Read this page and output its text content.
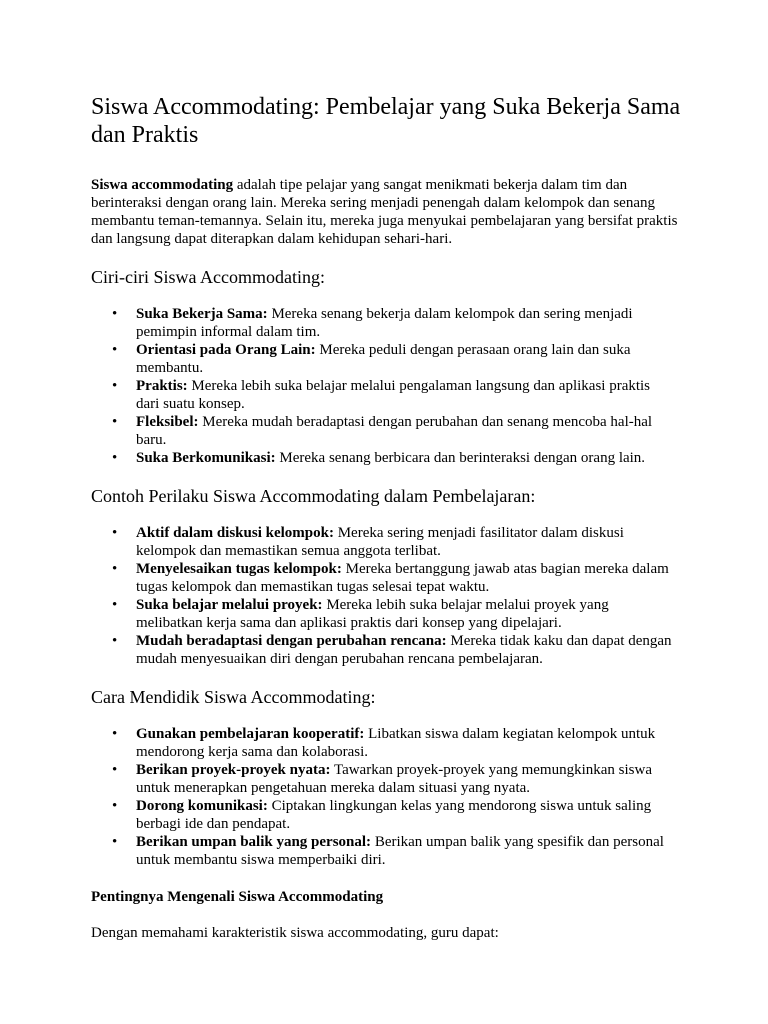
Siswa Accommodating: Pembelajar yang Suka Bekerja Sama dan Praktis

Siswa accommodating adalah tipe pelajar yang sangat menikmati bekerja dalam tim dan berinteraksi dengan orang lain. Mereka sering menjadi penengah dalam kelompok dan senang membantu teman-temannya. Selain itu, mereka juga menyukai pembelajaran yang bersifat praktis dan langsung dapat diterapkan dalam kehidupan sehari-hari.

Ciri-ciri Siswa Accommodating:
• Suka Bekerja Sama: Mereka senang bekerja dalam kelompok dan sering menjadi pemimpin informal dalam tim.
• Orientasi pada Orang Lain: Mereka peduli dengan perasaan orang lain dan suka membantu.
• Praktis: Mereka lebih suka belajar melalui pengalaman langsung dan aplikasi praktis dari suatu konsep.
• Fleksibel: Mereka mudah beradaptasi dengan perubahan dan senang mencoba hal-hal baru.
• Suka Berkomunikasi: Mereka senang berbicara dan berinteraksi dengan orang lain.
Contoh Perilaku Siswa Accommodating dalam Pembelajaran:
• Aktif dalam diskusi kelompok: Mereka sering menjadi fasilitator dalam diskusi kelompok dan memastikan semua anggota terlibat.
• Menyelesaikan tugas kelompok: Mereka bertanggung jawab atas bagian mereka dalam tugas kelompok dan memastikan tugas selesai tepat waktu.
• Suka belajar melalui proyek: Mereka lebih suka belajar melalui proyek yang melibatkan kerja sama dan aplikasi praktis dari konsep yang dipelajari.
• Mudah beradaptasi dengan perubahan rencana: Mereka tidak kaku dan dapat dengan mudah menyesuaikan diri dengan perubahan rencana pembelajaran.
Cara Mendidik Siswa Accommodating:
• Gunakan pembelajaran kooperatif: Libatkan siswa dalam kegiatan kelompok untuk mendorong kerja sama dan kolaborasi.
• Berikan proyek-proyek nyata: Tawarkan proyek-proyek yang memungkinkan siswa untuk menerapkan pengetahuan mereka dalam situasi yang nyata.
• Dorong komunikasi: Ciptakan lingkungan kelas yang mendorong siswa untuk saling berbagi ide dan pendapat.
• Berikan umpan balik yang personal: Berikan umpan balik yang spesifik dan personal untuk membantu siswa memperbaiki diri.
Pentingnya Mengenali Siswa Accommodating

Dengan memahami karakteristik siswa accommodating, guru dapat:
